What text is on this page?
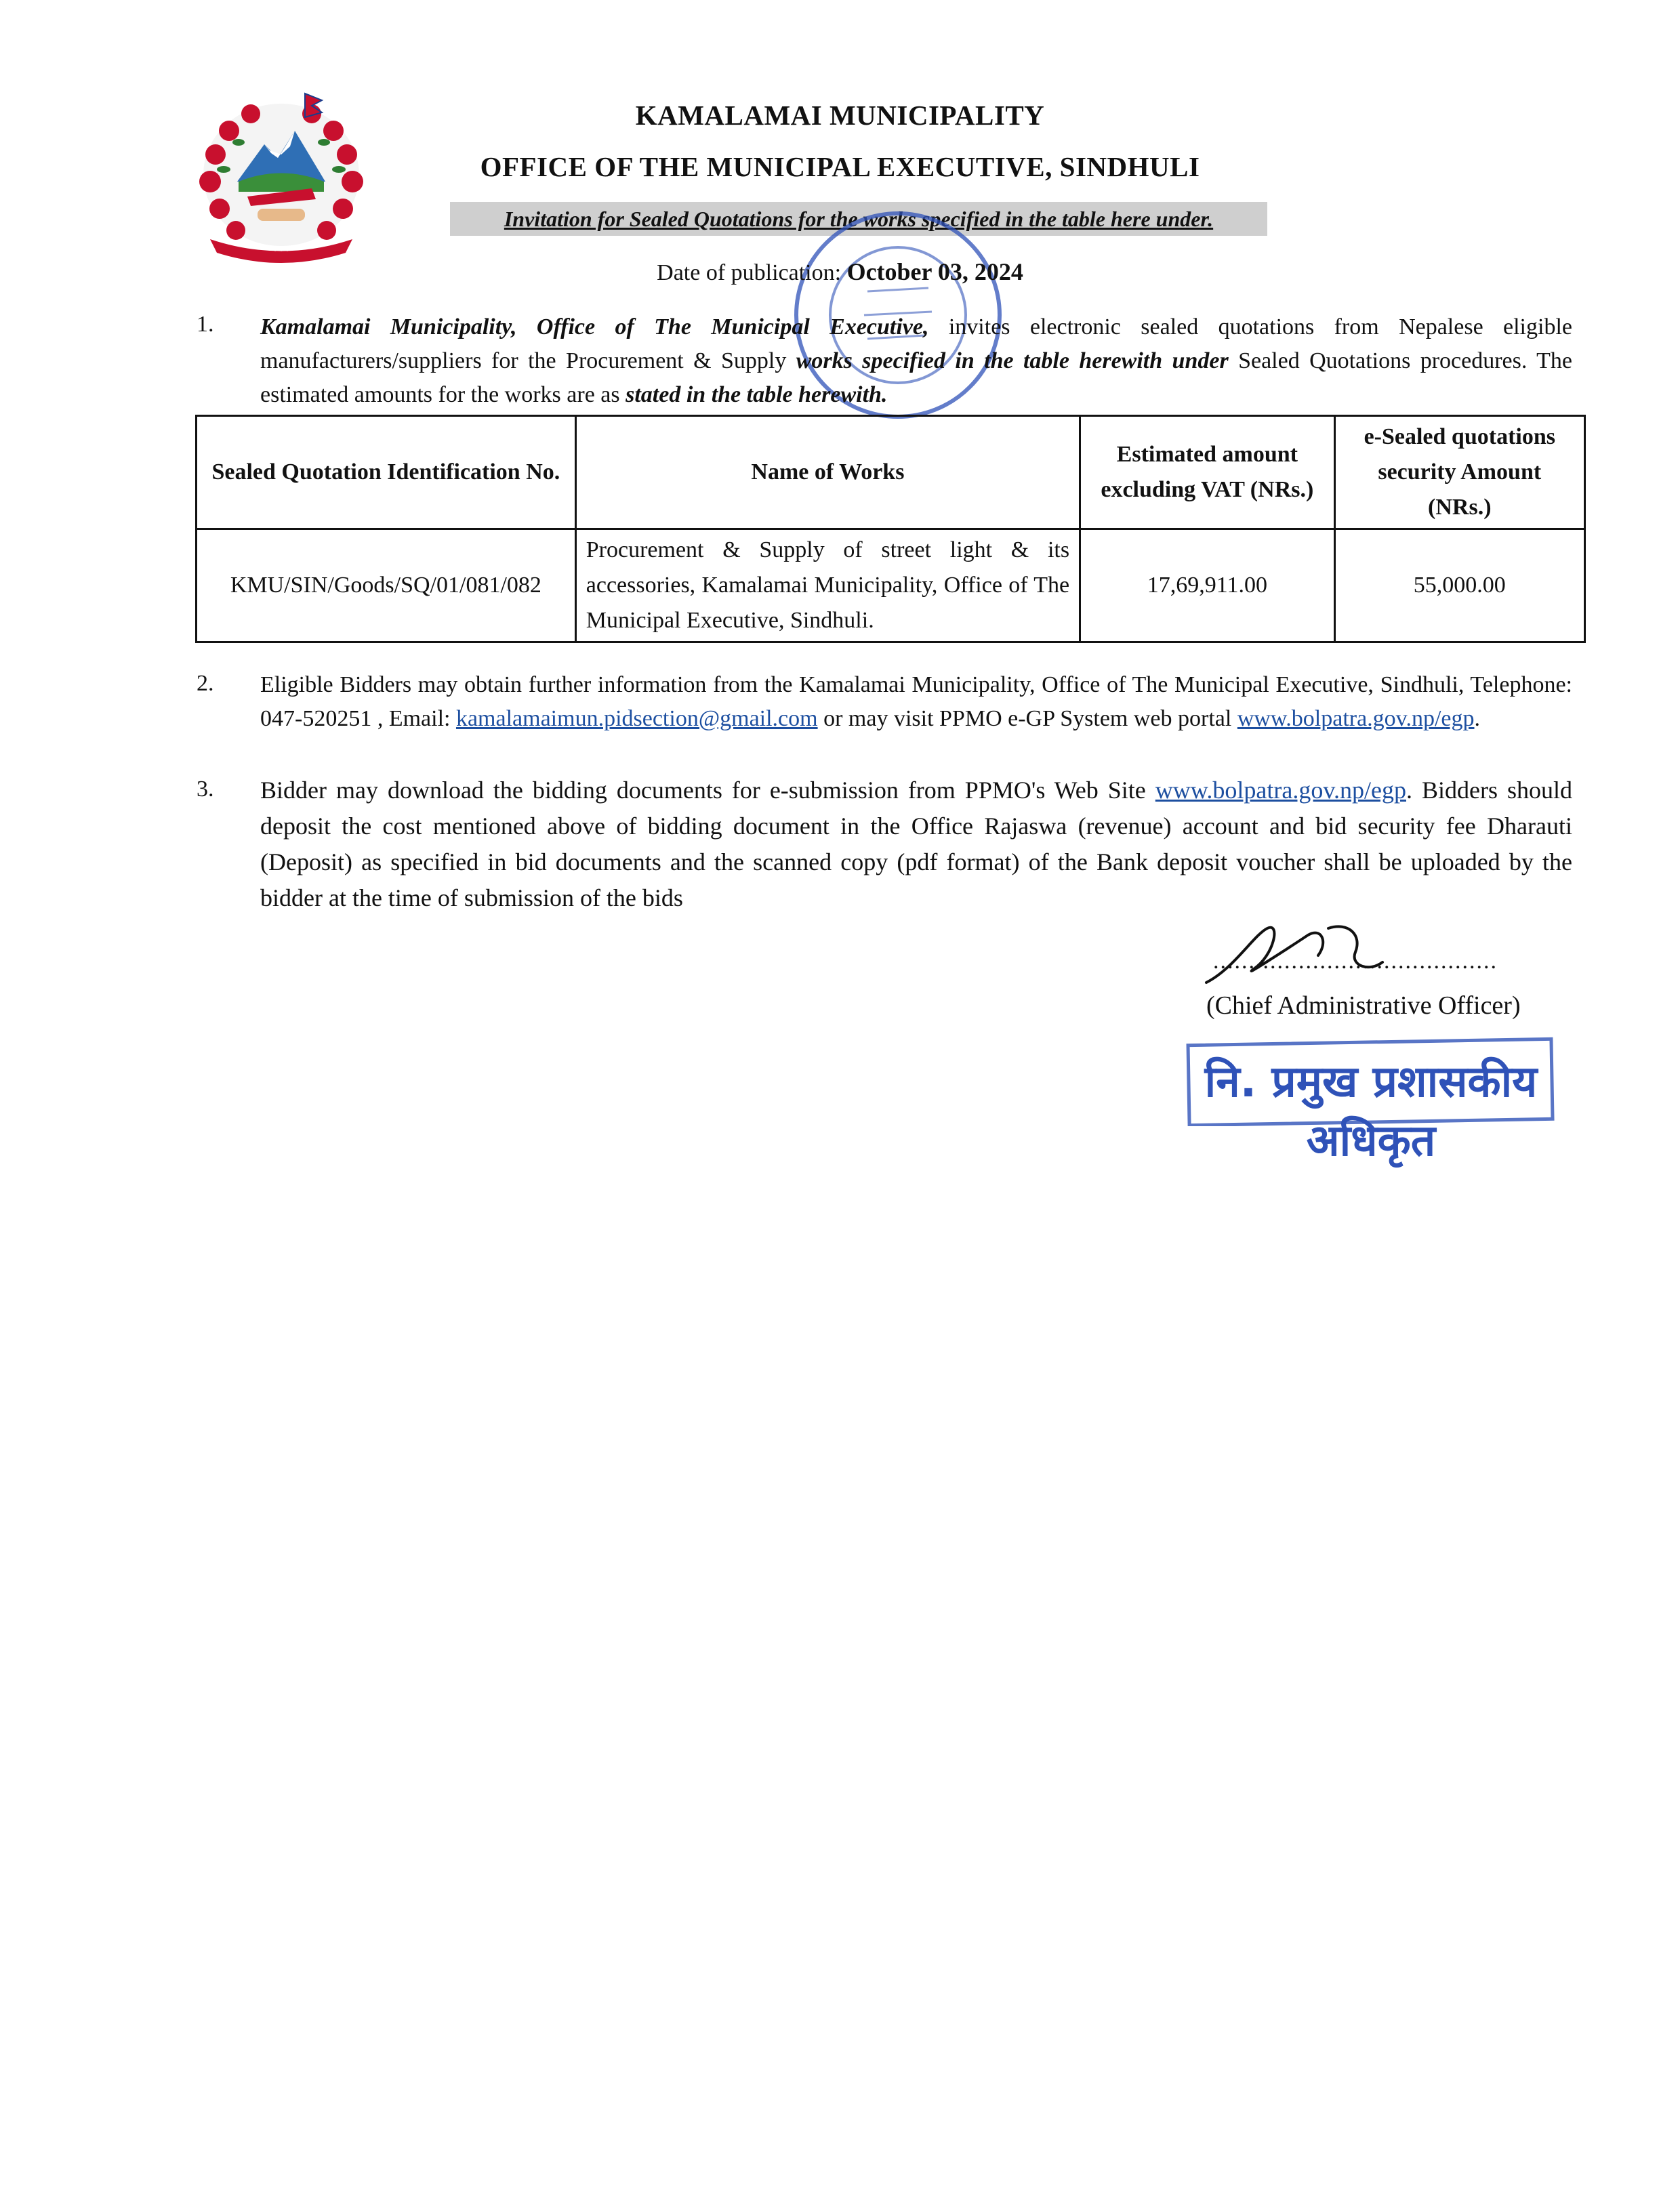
* * *
KAMALAMAI MUNICIPALITY
OFFICE OF THE MUNICIPAL EXECUTIVE, SINDHULI
Invitation for Sealed Quotations for the works specified in the table here under.
Date of publication: October 03, 2024
1. Kamalamai Municipality, Office of The Municipal Executive, invites electronic sealed quotations from Nepalese eligible manufacturers/suppliers for the Procurement & Supply works specified in the table herewith under Sealed Quotations procedures. The estimated amounts for the works are as stated in the table herewith.
Sealed Quotation Identification No.	Name of Works	Estimated amount excluding VAT (NRs.)	e-Sealed quotations security Amount (NRs.)
KMU/SIN/Goods/SQ/01/081/082	Procurement & Supply of street light & its accessories, Kamalamai Municipality, Office of The Municipal Executive, Sindhuli.	17,69,911.00	55,000.00
2. Eligible Bidders may obtain further information from the Kamalamai Municipality, Office of The Municipal Executive, Sindhuli, Telephone: 047-520251 , Email: kamalamaimun.pidsection@gmail.com or may visit PPMO e-GP System web portal www.bolpatra.gov.np/egp.
3. Bidder may download the bidding documents for e-submission from PPMO's Web Site www.bolpatra.gov.np/egp. Bidders should deposit the cost mentioned above of bidding document in the Office Rajaswa (revenue) account and bid security fee Dharauti (Deposit) as specified in bid documents and the scanned copy (pdf format) of the Bank deposit voucher shall be uploaded by the bidder at the time of submission of the bids
........................................
(Chief Administrative Officer)
नि. प्रमुख प्रशासकीय अधिकृत
